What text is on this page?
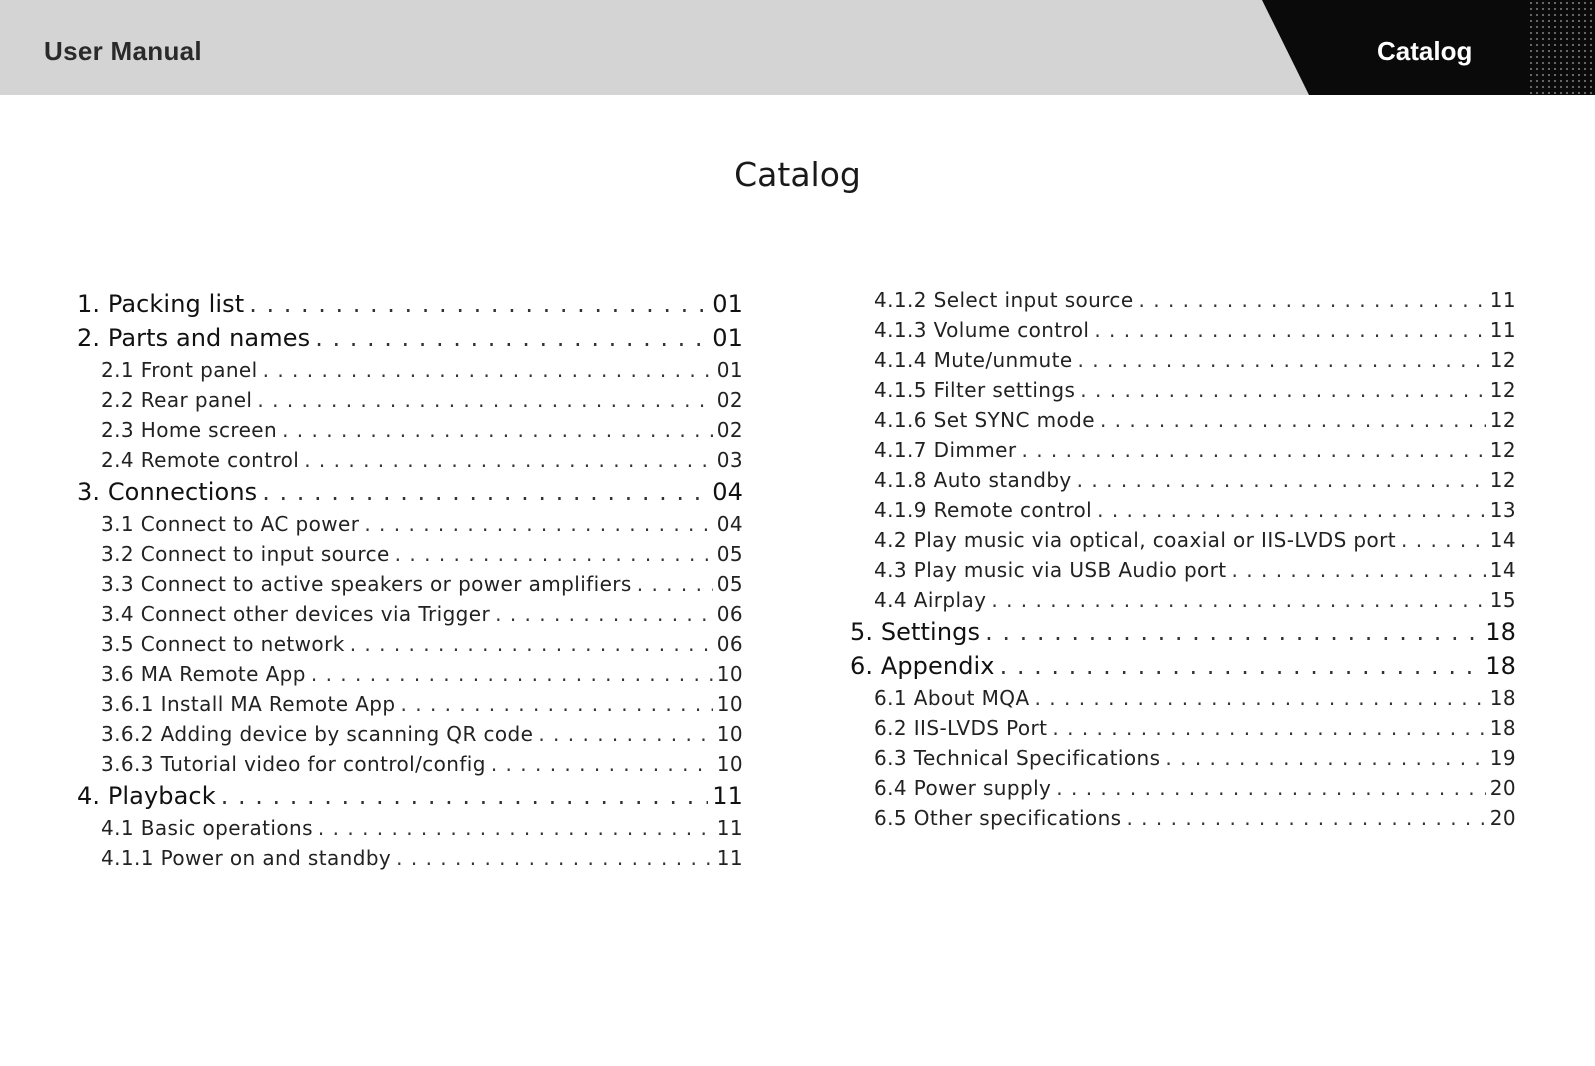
User Manual	Catalog
Catalog
1. Packing list . . .	01
2. Parts and names . . .	01
2.1 Front panel . . .	01
2.2 Rear panel . . .	02
2.3 Home screen . . .	02
2.4 Remote control . . .	03
3. Connections . . .	04
3.1 Connect to AC power . . .	04
3.2 Connect to input source . . .	05
3.3 Connect to active speakers or power amplifiers . . .	05
3.4 Connect other devices via Trigger . . .	06
3.5 Connect to network . . .	06
3.6 MA Remote App . . .	10
3.6.1 Install MA Remote App . . .	10
3.6.2 Adding device by scanning QR code . . .	10
3.6.3 Tutorial video for control/config . . .	10
4. Playback . . .	11
4.1 Basic operations . . .	11
4.1.1 Power on and standby . . .	11
4.1.2 Select input source . . .	11
4.1.3 Volume control . . .	11
4.1.4 Mute/unmute . . .	12
4.1.5 Filter settings . . .	12
4.1.6 Set SYNC mode . . .	12
4.1.7 Dimmer . . .	12
4.1.8 Auto standby . . .	12
4.1.9 Remote control . . .	13
4.2 Play music via optical, coaxial or IIS-LVDS port . . .	14
4.3 Play music via USB Audio port . . .	14
4.4 Airplay . . .	15
5. Settings . . .	18
6. Appendix . . .	18
6.1 About MQA . . .	18
6.2 IIS-LVDS Port . . .	18
6.3 Technical Specifications . . .	19
6.4 Power supply . . .	20
6.5 Other specifications . . .	20
